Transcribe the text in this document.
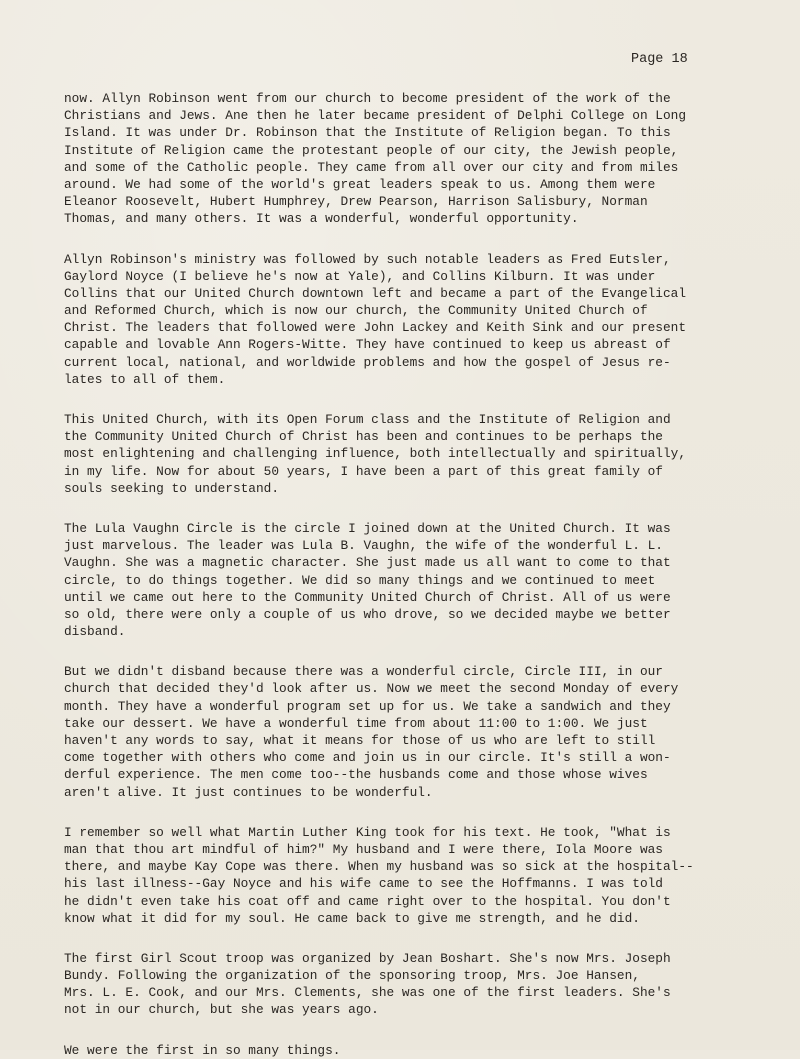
Page 18
now. Allyn Robinson went from our church to become president of the work of the
Christians and Jews. Ane then he later became president of Delphi College on Long
Island. It was under Dr. Robinson that the Institute of Religion began. To this
Institute of Religion came the protestant people of our city, the Jewish people,
and some of the Catholic people. They came from all over our city and from miles
around. We had some of the world's great leaders speak to us. Among them were
Eleanor Roosevelt, Hubert Humphrey, Drew Pearson, Harrison Salisbury, Norman
Thomas, and many others. It was a wonderful, wonderful opportunity.
Allyn Robinson's ministry was followed by such notable leaders as Fred Eutsler,
Gaylord Noyce (I believe he's now at Yale), and Collins Kilburn. It was under
Collins that our United Church downtown left and became a part of the Evangelical
and Reformed Church, which is now our church, the Community United Church of
Christ. The leaders that followed were John Lackey and Keith Sink and our present
capable and lovable Ann Rogers-Witte. They have continued to keep us abreast of
current local, national, and worldwide problems and how the gospel of Jesus re-
lates to all of them.
This United Church, with its Open Forum class and the Institute of Religion and
the Community United Church of Christ has been and continues to be perhaps the
most enlightening and challenging influence, both intellectually and spiritually,
in my life. Now for about 50 years, I have been a part of this great family of
souls seeking to understand.
The Lula Vaughn Circle is the circle I joined down at the United Church. It was
just marvelous. The leader was Lula B. Vaughn, the wife of the wonderful L. L.
Vaughn. She was a magnetic character. She just made us all want to come to that
circle, to do things together. We did so many things and we continued to meet
until we came out here to the Community United Church of Christ. All of us were
so old, there were only a couple of us who drove, so we decided maybe we better
disband.
But we didn't disband because there was a wonderful circle, Circle III, in our
church that decided they'd look after us. Now we meet the second Monday of every
month. They have a wonderful program set up for us. We take a sandwich and they
take our dessert. We have a wonderful time from about 11:00 to 1:00. We just
haven't any words to say, what it means for those of us who are left to still
come together with others who come and join us in our circle. It's still a won-
derful experience. The men come too--the husbands come and those whose wives
aren't alive. It just continues to be wonderful.
I remember so well what Martin Luther King took for his text. He took, "What is
man that thou art mindful of him?" My husband and I were there, Iola Moore was
there, and maybe Kay Cope was there. When my husband was so sick at the hospital--
his last illness--Gay Noyce and his wife came to see the Hoffmanns. I was told
he didn't even take his coat off and came right over to the hospital. You don't
know what it did for my soul. He came back to give me strength, and he did.
The first Girl Scout troop was organized by Jean Boshart. She's now Mrs. Joseph
Bundy. Following the organization of the sponsoring troop, Mrs. Joe Hansen,
Mrs. L. E. Cook, and our Mrs. Clements, she was one of the first leaders. She's
not in our church, but she was years ago.
We were the first in so many things.
